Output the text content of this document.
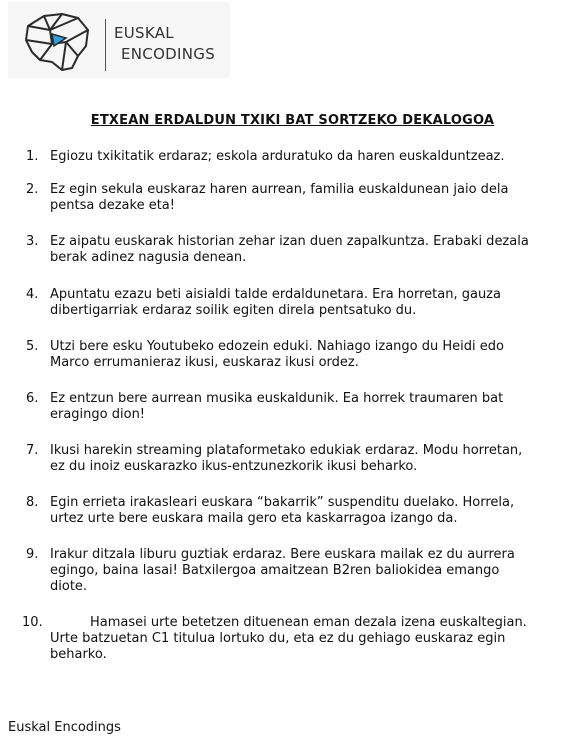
EUSKAL
ENCODINGS
ETXEAN ERDALDUN TXIKI BAT SORTZEKO DEKALOGOA
1. Egiozu txikitatik erdaraz; eskola arduratuko da haren euskalduntzeaz.
2. Ez egin sekula euskaraz haren aurrean, familia euskaldunean jaio dela
pentsa dezake eta!
3. Ez aipatu euskarak historian zehar izan duen zapalkuntza. Erabaki dezala
berak adinez nagusia denean.
4. Apuntatu ezazu beti aisialdi talde erdaldunetara. Era horretan, gauza
dibertigarriak erdaraz soilik egiten direla pentsatuko du.
5. Utzi bere esku Youtubeko edozein eduki. Nahiago izango du Heidi edo
Marco errumanieraz ikusi, euskaraz ikusi ordez.
6. Ez entzun bere aurrean musika euskaldunik. Ea horrek traumaren bat
eragingo dion!
7. Ikusi harekin streaming plataformetako edukiak erdaraz. Modu horretan,
ez du inoiz euskarazko ikus-entzunezkorik ikusi beharko.
8. Egin errieta irakasleari euskara “bakarrik” suspenditu duelako. Horrela,
urtez urte bere euskara maila gero eta kaskarragoa izango da.
9. Irakur ditzala liburu guztiak erdaraz. Bere euskara mailak ez du aurrera
egingo, baina lasai! Batxilergoa amaitzean B2ren baliokidea emango
diote.
10.	Hamasei urte betetzen dituenean eman dezala izena euskaltegian.
Urte batzuetan C1 titulua lortuko du, eta ez du gehiago euskaraz egin
beharko.
Euskal Encodings
